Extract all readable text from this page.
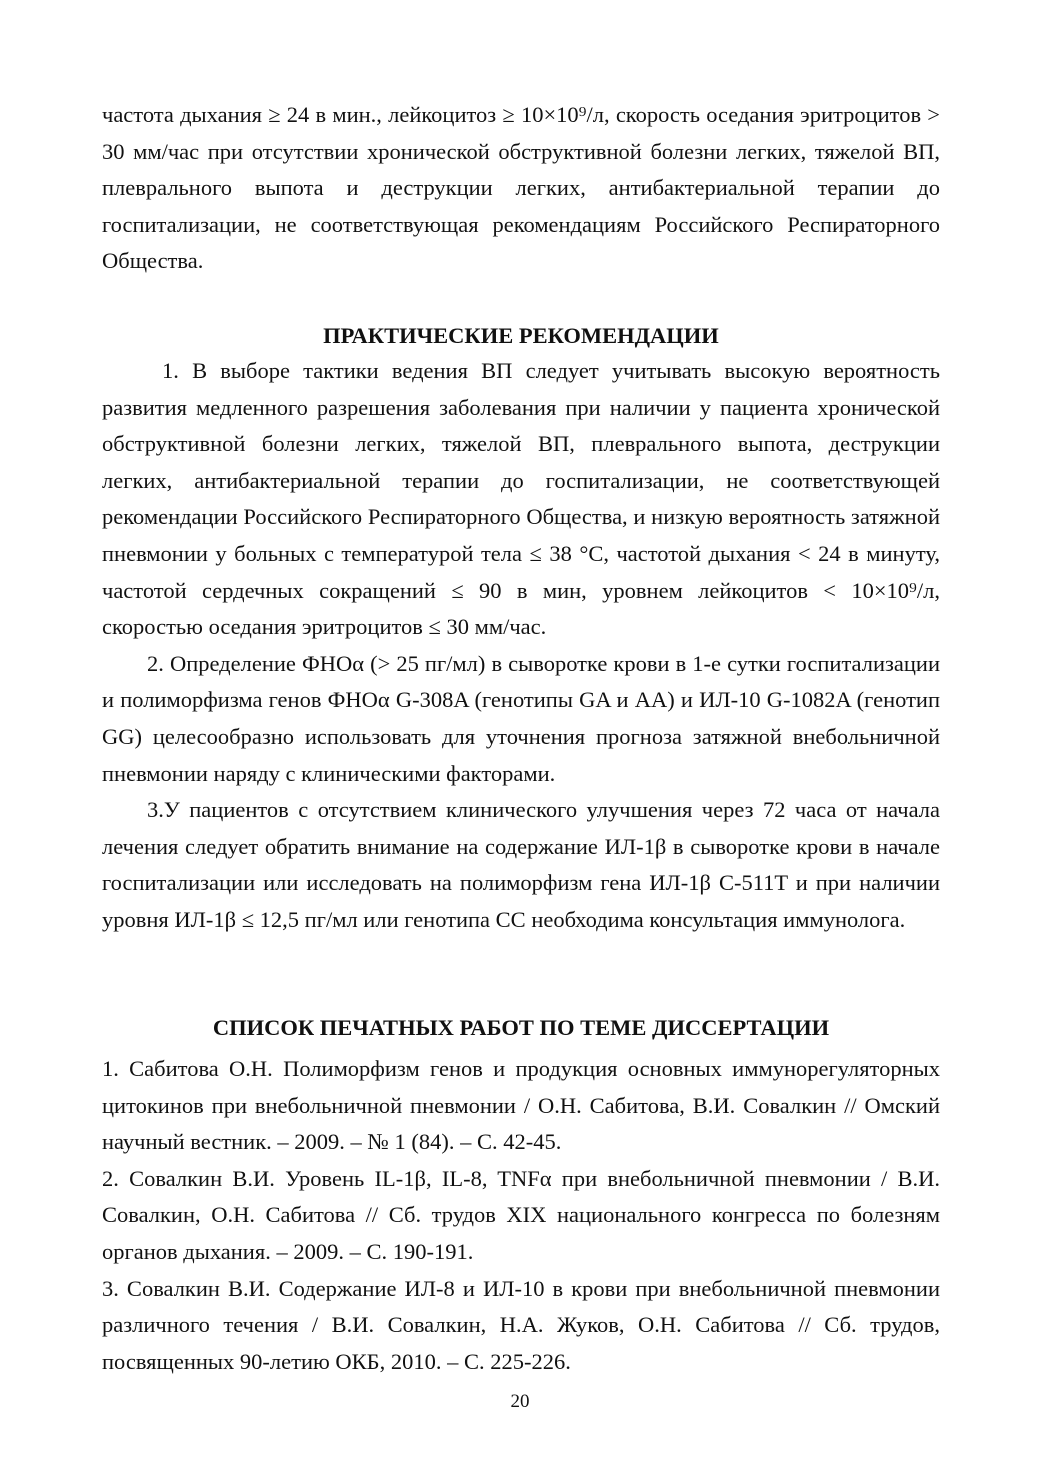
частота дыхания ≥ 24 в мин., лейкоцитоз ≥ 10×10⁹/л, скорость оседания эритроцитов > 30 мм/час при отсутствии хронической обструктивной болезни легких, тяжелой ВП, плеврального выпота и деструкции легких, антибактериальной терапии до госпитализации, не соответствующая рекомендациям Российского Респираторного Общества.

ПРАКТИЧЕСКИЕ РЕКОМЕНДАЦИИ

1. В выборе тактики ведения ВП следует учитывать высокую вероятность развития медленного разрешения заболевания при наличии у пациента хронической обструктивной болезни легких, тяжелой ВП, плеврального выпота, деструкции легких, антибактериальной терапии до госпитализации, не соответствующей рекомендации Российского Респираторного Общества, и низкую вероятность затяжной пневмонии у больных с температурой тела ≤ 38 °С, частотой дыхания < 24 в минуту, частотой сердечных сокращений ≤ 90 в мин, уровнем лейкоцитов < 10×10⁹/л, скоростью оседания эритроцитов ≤ 30 мм/час.

2. Определение ФНОα (> 25 пг/мл) в сыворотке крови в 1-е сутки госпитализации и полиморфизма генов ФНОα G-308A (генотипы GA и AA) и ИЛ-10 G-1082A (генотип GG) целесообразно использовать для уточнения прогноза затяжной внебольничной пневмонии наряду с клиническими факторами.

3.У пациентов с отсутствием клинического улучшения через 72 часа от начала лечения следует обратить внимание на содержание ИЛ-1β в сыворотке крови в начале госпитализации или исследовать на полиморфизм гена ИЛ-1β C-511T и при наличии уровня ИЛ-1β ≤ 12,5 пг/мл или генотипа CC необходима консультация иммунолога.

СПИСОК ПЕЧАТНЫХ РАБОТ ПО ТЕМЕ ДИССЕРТАЦИИ

1. Сабитова О.Н. Полиморфизм генов и продукция основных иммунорегуляторных цитокинов при внебольничной пневмонии / О.Н. Сабитова, В.И. Совалкин // Омский научный вестник. – 2009. – № 1 (84). – С. 42-45.

2. Совалкин В.И. Уровень IL-1β, IL-8, TNFα при внебольничной пневмонии / В.И. Совалкин, О.Н. Сабитова // Сб. трудов XIX национального конгресса по болезням органов дыхания. – 2009. – С. 190-191.

3. Совалкин В.И. Содержание ИЛ-8 и ИЛ-10 в крови при внебольничной пневмонии различного течения / В.И. Совалкин, Н.А. Жуков, О.Н. Сабитова // Сб. трудов, посвященных 90-летию ОКБ, 2010. – С. 225-226.

20
